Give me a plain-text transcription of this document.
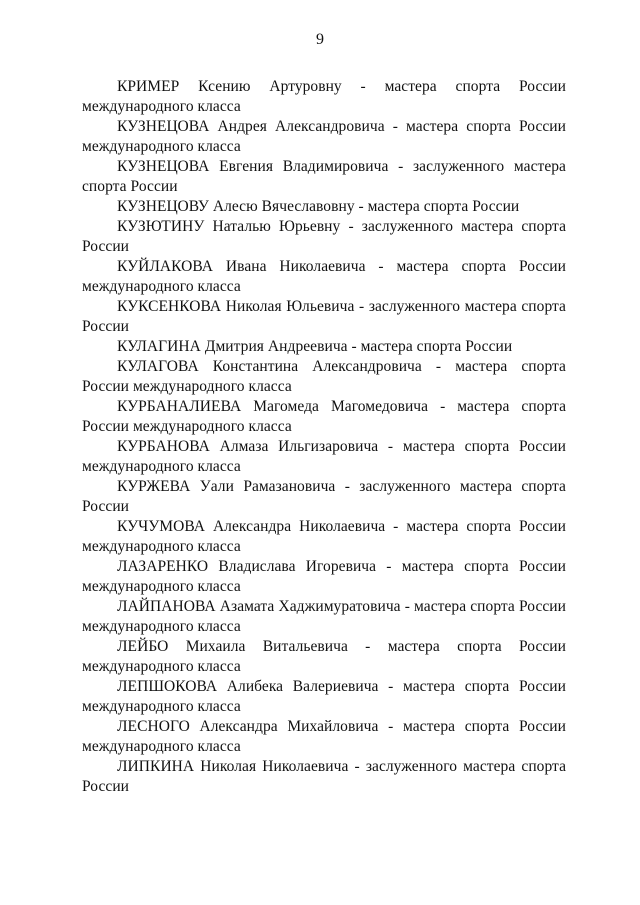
9

КРИМЕР Ксению Артуровну - мастера спорта России международного класса

КУЗНЕЦОВА Андрея Александровича - мастера спорта России международного класса

КУЗНЕЦОВА Евгения Владимировича - заслуженного мастера спорта России

КУЗНЕЦОВУ Алесю Вячеславовну - мастера спорта России

КУЗЮТИНУ Наталью Юрьевну - заслуженного мастера спорта России

КУЙЛАКОВА Ивана Николаевича - мастера спорта России международного класса

КУКСЕНКОВА Николая Юльевича - заслуженного мастера спорта России

КУЛАГИНА Дмитрия Андреевича - мастера спорта России

КУЛАГОВА Константина Александровича - мастера спорта России международного класса

КУРБАНАЛИЕВА Магомеда Магомедовича - мастера спорта России международного класса

КУРБАНОВА Алмаза Ильгизаровича - мастера спорта России международного класса

КУРЖЕВА Уали Рамазановича - заслуженного мастера спорта России

КУЧУМОВА Александра Николаевича - мастера спорта России международного класса

ЛАЗАРЕНКО Владислава Игоревича - мастера спорта России международного класса

ЛАЙПАНОВА Азамата Хаджимуратовича - мастера спорта России международного класса

ЛЕЙБО Михаила Витальевича - мастера спорта России международного класса

ЛЕПШОКОВА Алибека Валериевича - мастера спорта России международного класса

ЛЕСНОГО Александра Михайловича - мастера спорта России международного класса

ЛИПКИНА Николая Николаевича - заслуженного мастера спорта России
